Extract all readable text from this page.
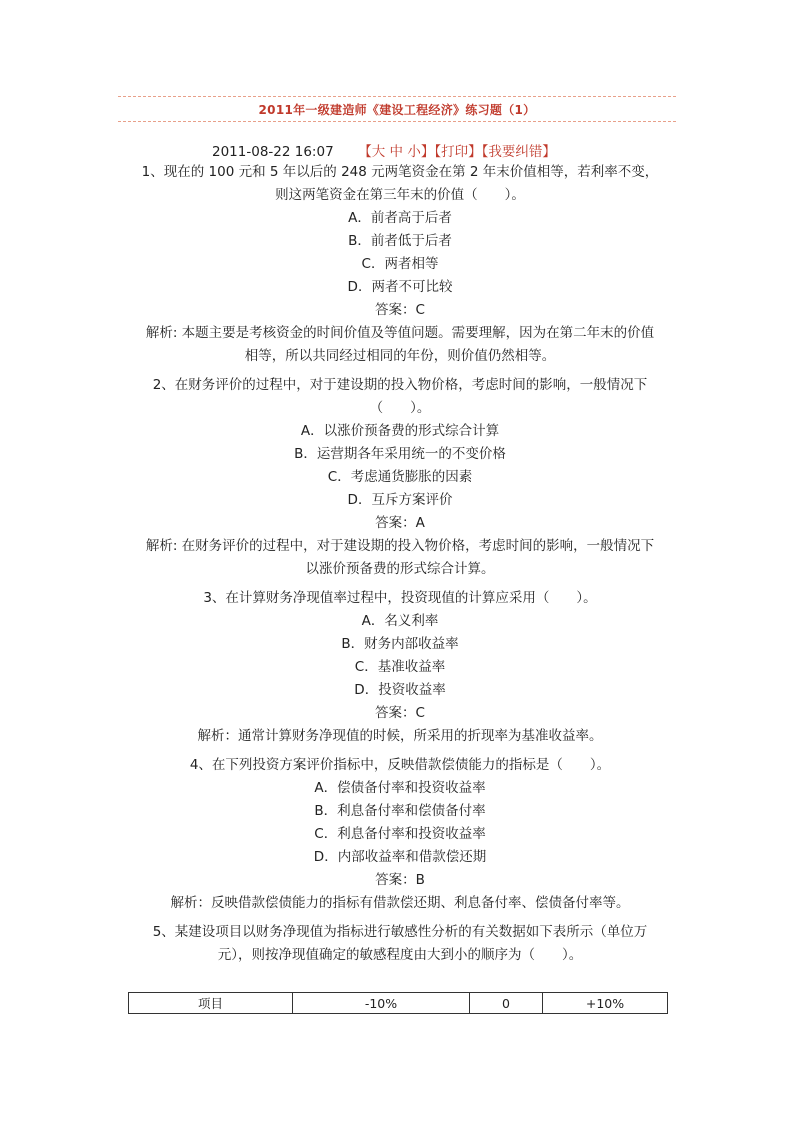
2011年一级建造师《建设工程经济》练习题（1）
2011-08-22 16:07 【大 中 小】【打印】【我要纠错】

1、现在的 100 元和 5 年以后的 248 元两笔资金在第 2 年末价值相等，若利率不变，

则这两笔资金在第三年末的价值（　　）。

A．前者高于后者

B．前者低于后者

C．两者相等

D．两者不可比较

答案：C

解析: 本题主要是考核资金的时间价值及等值问题。需要理解，因为在第二年末的价值

相等，所以共同经过相同的年份，则价值仍然相等。

2、在财务评价的过程中，对于建设期的投入物价格，考虑时间的影响，一般情况下

（　　）。

A．以涨价预备费的形式综合计算

B．运营期各年采用统一的不变价格

C．考虑通货膨胀的因素

D．互斥方案评价

答案：A

解析: 在财务评价的过程中，对于建设期的投入物价格，考虑时间的影响，一般情况下

以涨价预备费的形式综合计算。

3、在计算财务净现值率过程中，投资现值的计算应采用（　　）。

A．名义利率

B．财务内部收益率

C．基准收益率

D．投资收益率

答案：C

解析：通常计算财务净现值的时候，所采用的折现率为基准收益率。

4、在下列投资方案评价指标中，反映借款偿债能力的指标是（　　）。

A．偿债备付率和投资收益率

B．利息备付率和偿债备付率

C．利息备付率和投资收益率

D．内部收益率和借款偿还期

答案：B

解析：反映借款偿债能力的指标有借款偿还期、利息备付率、偿债备付率等。

5、某建设项目以财务净现值为指标进行敏感性分析的有关数据如下表所示（单位万

元），则按净现值确定的敏感程度由大到小的顺序为（　　）。

项目	-10%	0	+10%
